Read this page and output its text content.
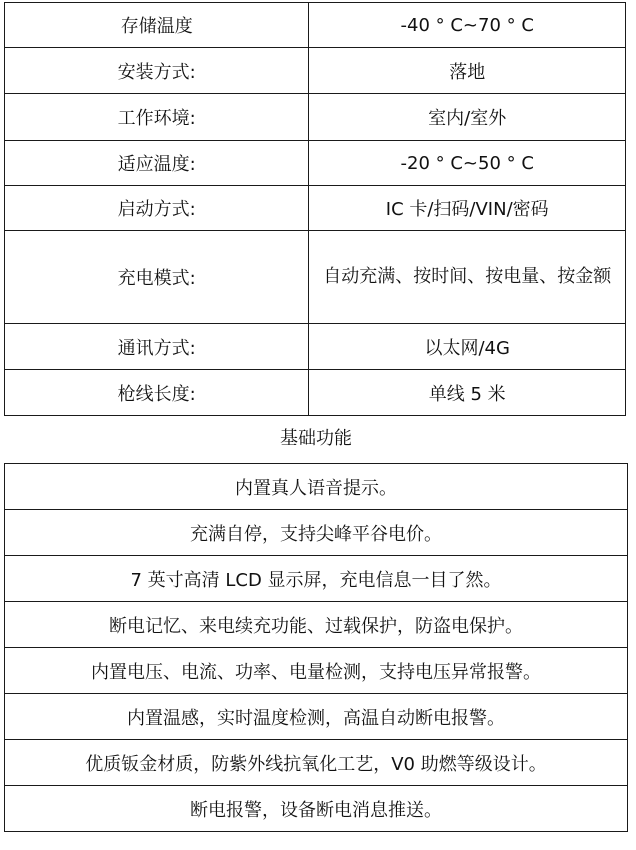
存储温度	-40 ° C~70 ° C
安装方式:	落地
工作环境:	室内/室外
适应温度:	-20 ° C~50 ° C
启动方式:	IC 卡/扫码/VIN/密码
充电模式:	自动充满、按时间、按电量、按金额

通讯方式:	以太网/4G
枪线长度:	单线 5 米
基础功能
内置真人语音提示。
充满自停，支持尖峰平谷电价。
7 英寸高清 LCD 显示屏，充电信息一目了然。
断电记忆、来电续充功能、过载保护，防盗电保护。
内置电压、电流、功率、电量检测，支持电压异常报警。
内置温感，实时温度检测，高温自动断电报警。
优质钣金材质，防紫外线抗氧化工艺，V0 助燃等级设计。
断电报警，设备断电消息推送。
